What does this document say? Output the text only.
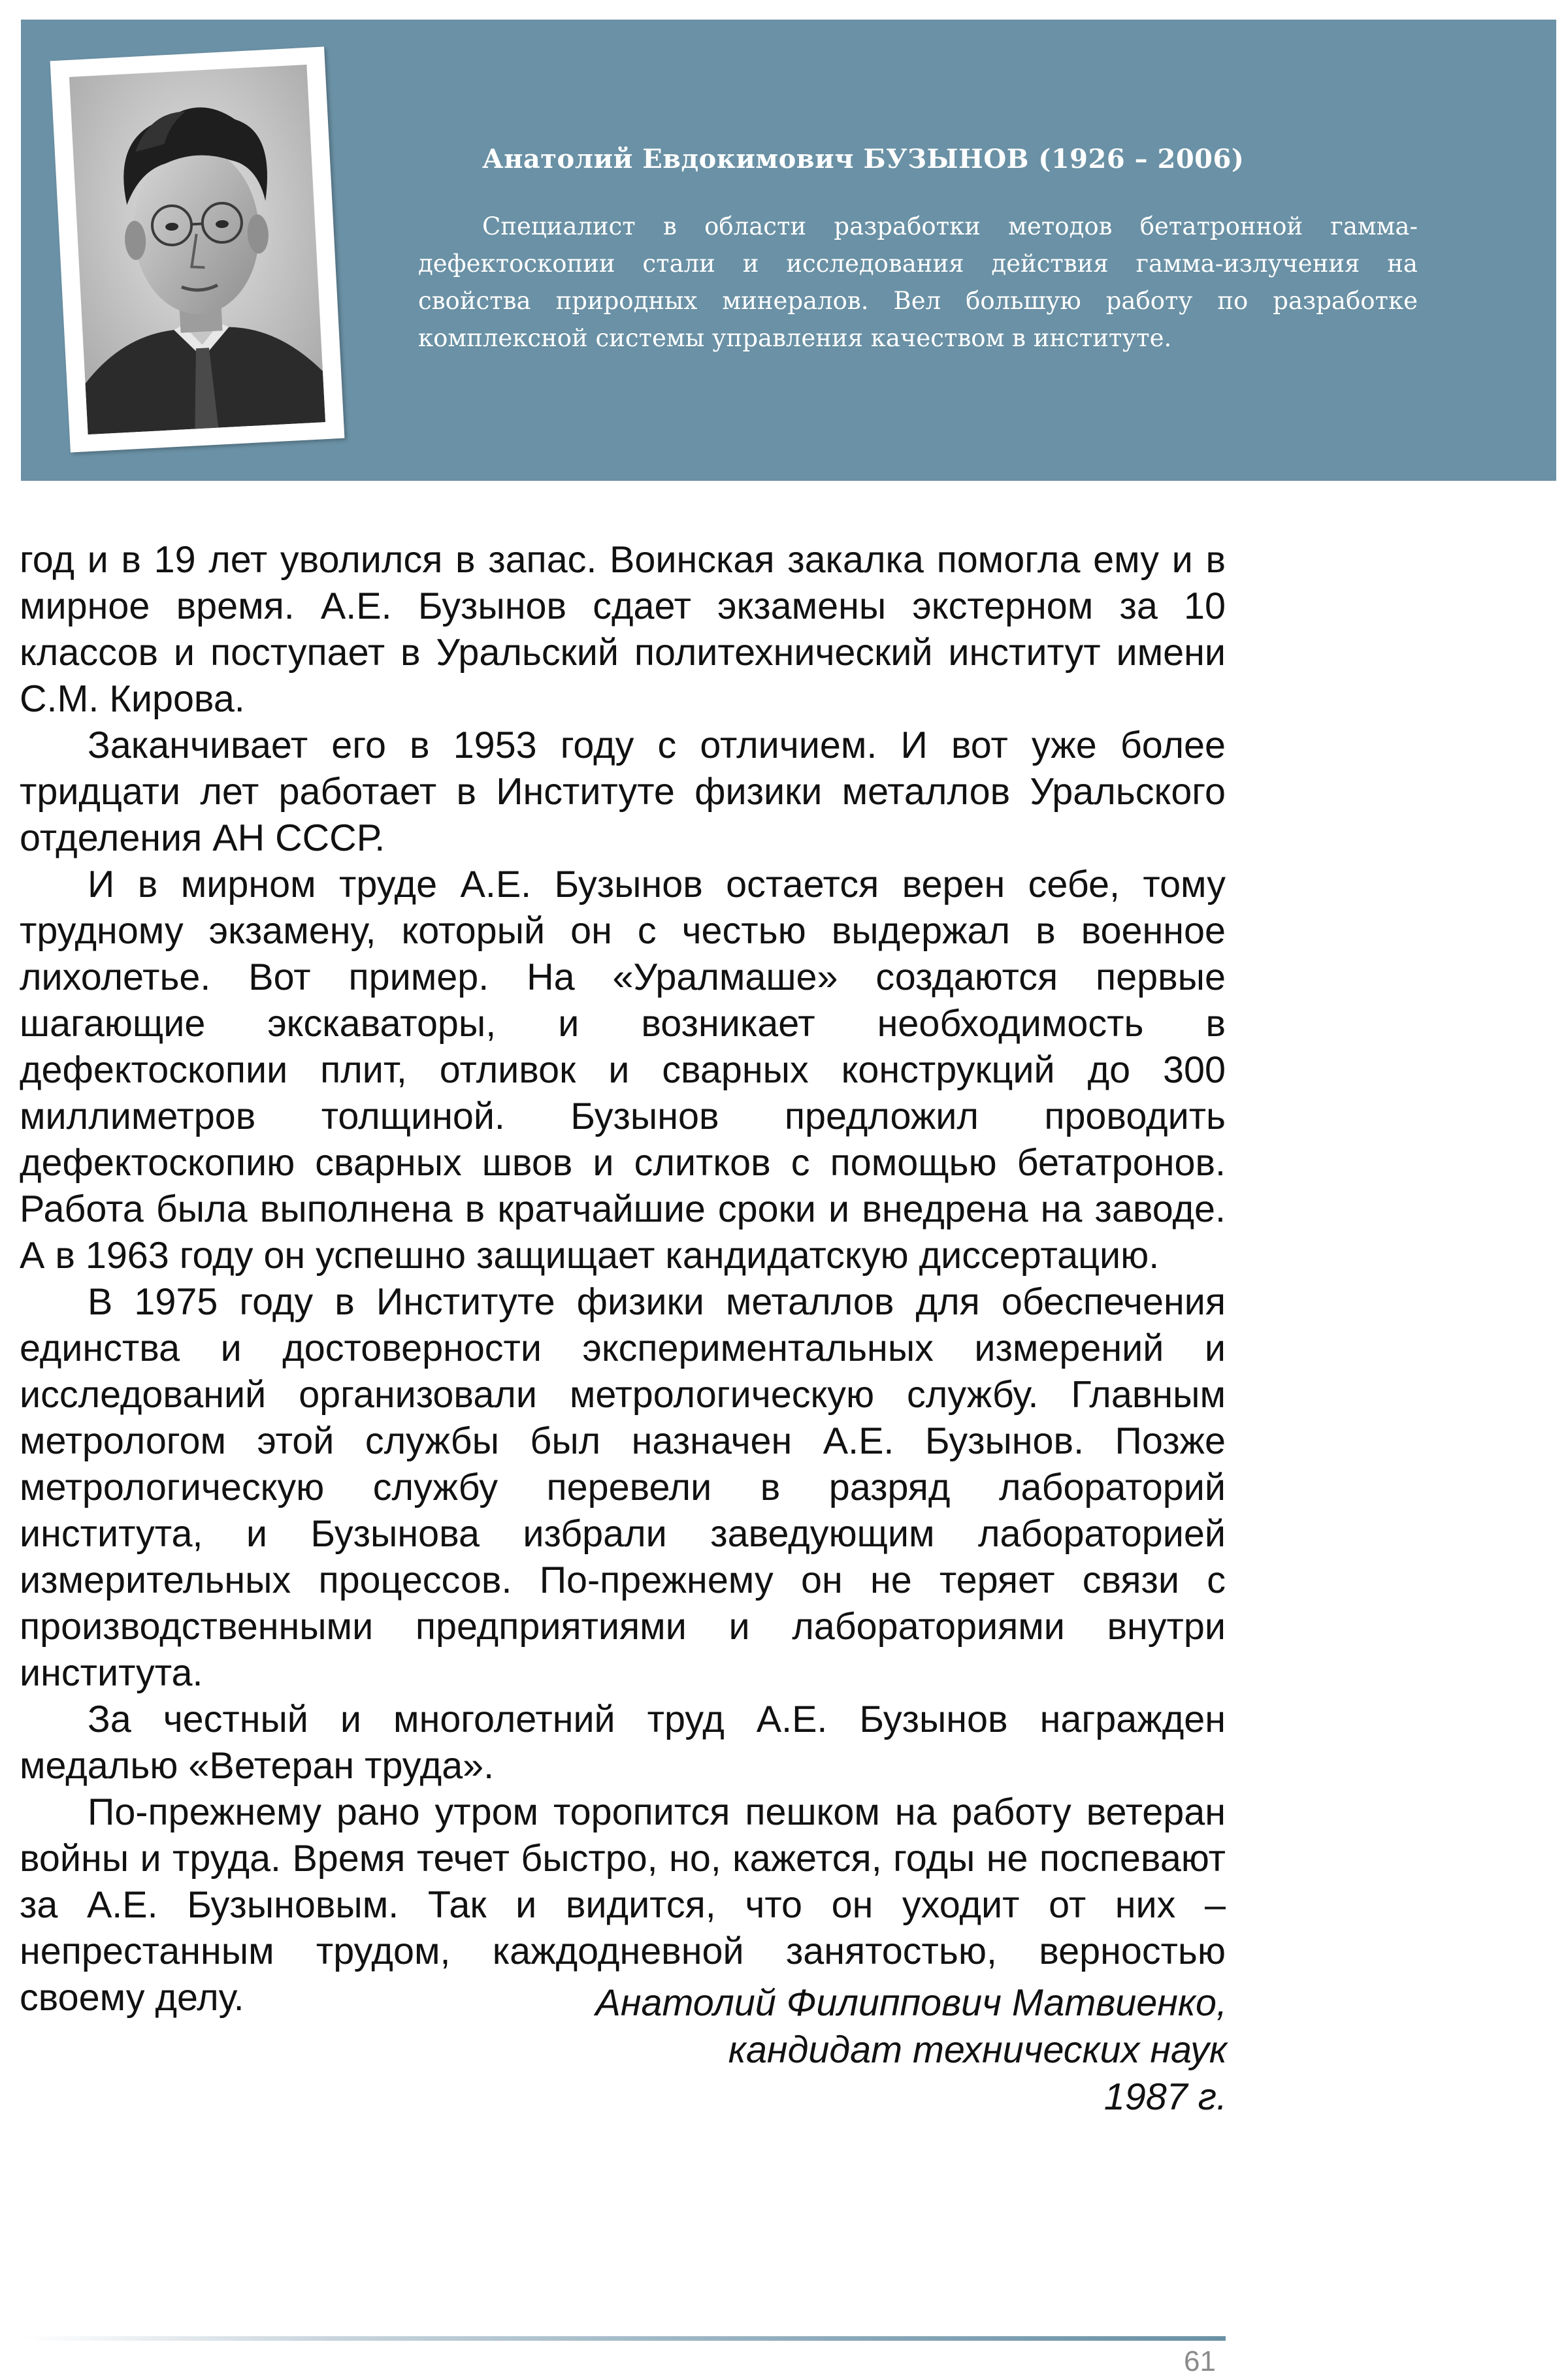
Анатолий Евдокимович БУЗЫНОВ (1926 – 2006)

Специалист в области разработки методов бетатронной гамма-дефектоскопии стали и исследования действия гамма-излучения на свойства природных минералов. Вел большую работу по разработке комплексной системы управления качеством в институте.

год и в 19 лет уволился в запас. Воинская закалка помогла ему и в мирное время. А.Е. Бузынов сдает экзамены экстерном за 10 классов и поступает в Уральский политехнический институт имени С.М. Кирова.

Заканчивает его в 1953 году с отличием. И вот уже более тридцати лет работает в Институте физики металлов Уральского отделения АН СССР.

И в мирном труде А.Е. Бузынов остается верен себе, тому трудному экзамену, который он с честью выдержал в военное лихолетье. Вот пример. На «Уралмаше» создаются первые шагающие экскаваторы, и возникает необходимость в дефектоскопии плит, отливок и сварных конструкций до 300 миллиметров толщиной. Бузынов предложил проводить дефектоскопию сварных швов и слитков с помощью бетатронов. Работа была выполнена в кратчайшие сроки и внедрена на заводе. А в 1963 году он успешно защищает кандидатскую диссертацию.

В 1975 году в Институте физики металлов для обеспечения единства и достоверности экспериментальных измерений и исследований организовали метрологическую службу. Главным метрологом этой службы был назначен А.Е. Бузынов. Позже метрологическую службу перевели в разряд лабораторий института, и Бузынова избрали заведующим лабораторией измерительных процессов. По-прежнему он не теряет связи с производственными предприятиями и лабораториями внутри института.

За честный и многолетний труд А.Е. Бузынов награжден медалью «Ветеран труда».

По-прежнему рано утром торопится пешком на работу ветеран войны и труда. Время течет быстро, но, кажется, годы не поспевают за А.Е. Бузыновым. Так и видится, что он уходит от них – непрестанным трудом, каждодневной занятостью, верностью своему делу.	Анатолий Филиппович Матвиенко,
кандидат технических наук
1987 г.
61
